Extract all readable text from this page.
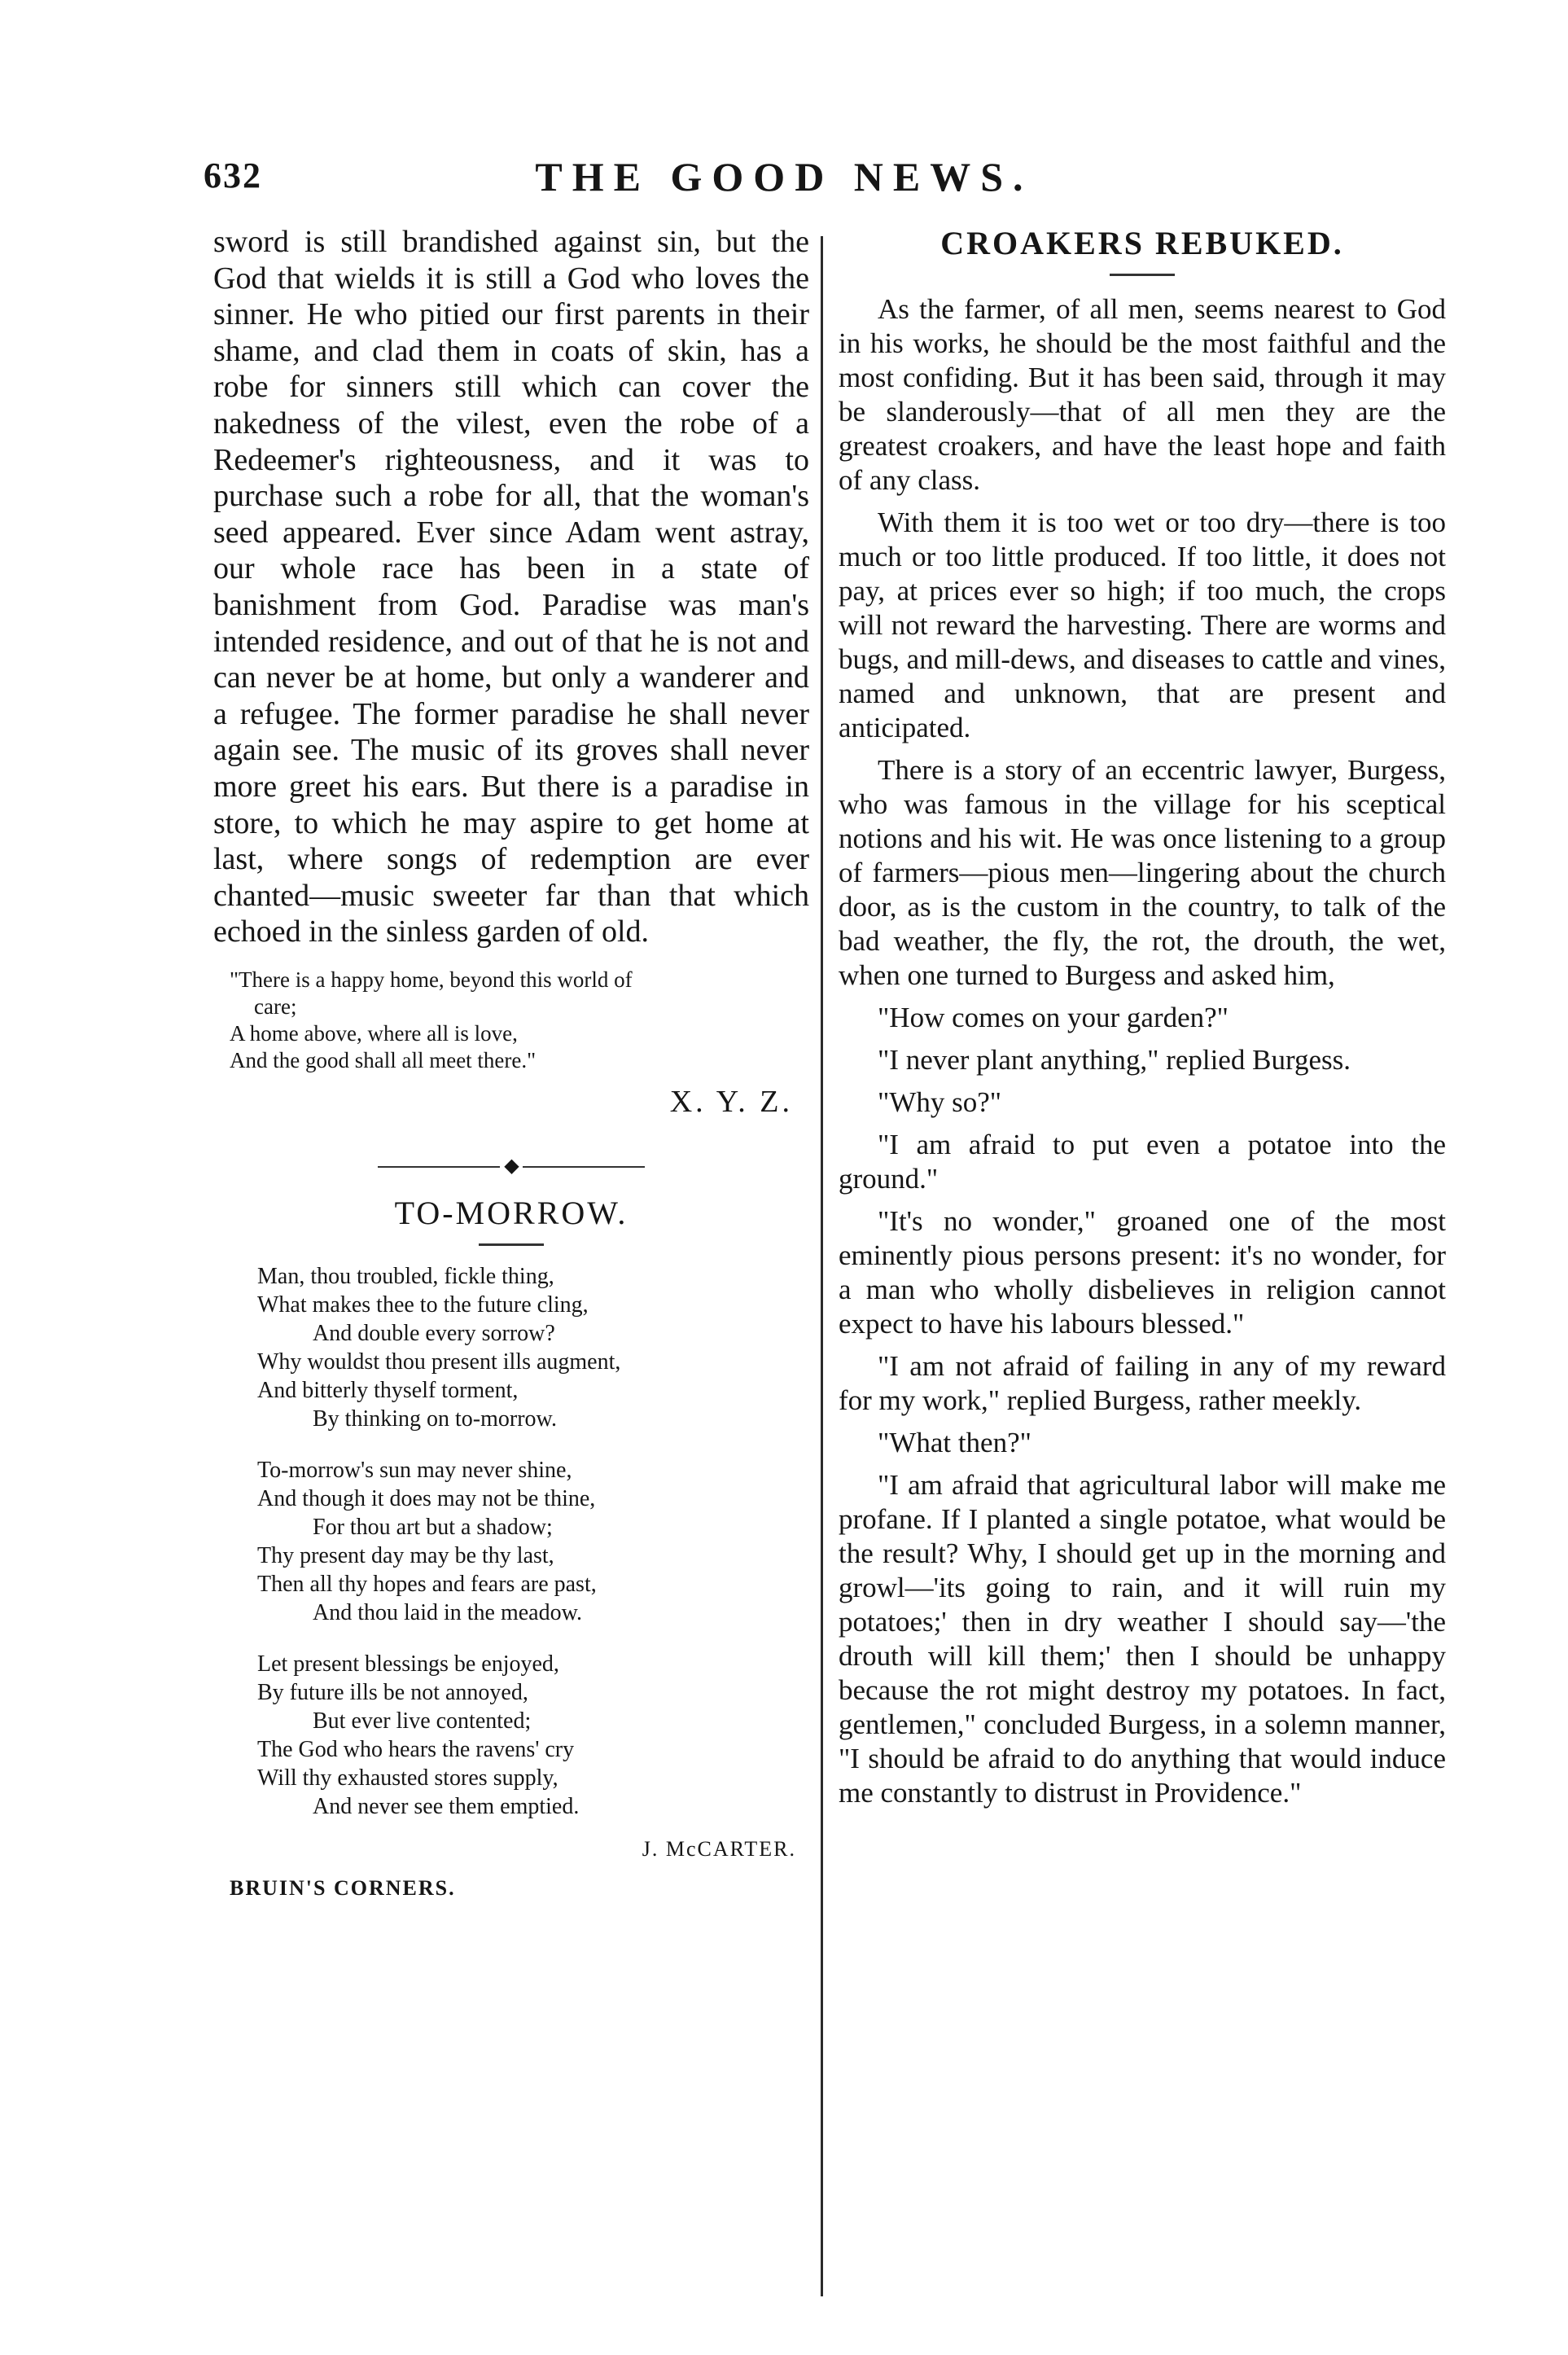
632	THE GOOD NEWS.

sword is still brandished against sin, but the God that wields it is still a God who loves the sinner. He who pitied our first parents in their shame, and clad them in coats of skin, has a robe for sinners still which can cover the nakedness of the vilest, even the robe of a Redeemer's righteousness, and it was to purchase such a robe for all, that the woman's seed appeared. Ever since Adam went astray, our whole race has been in a state of banishment from God. Paradise was man's intended residence, and out of that he is not and can never be at home, but only a wanderer and a refugee. The former paradise he shall never again see. The music of its groves shall never more greet his ears. But there is a paradise in store, to which he may aspire to get home at last, where songs of redemption are ever chanted—music sweeter far than that which echoed in the sinless garden of old.

"There is a happy home, beyond this world of
care;
A home above, where all is love,
And the good shall all meet there."
X. Y. Z.
◆
TO-MORROW.
Man, thou troubled, fickle thing,
What makes thee to the future cling,
And double every sorrow?
Why wouldst thou present ills augment,
And bitterly thyself torment,
By thinking on to-morrow.
To-morrow's sun may never shine,
And though it does may not be thine,
For thou art but a shadow;
Thy present day may be thy last,
Then all thy hopes and fears are past,
And thou laid in the meadow.
Let present blessings be enjoyed,
By future ills be not annoyed,
But ever live contented;
The God who hears the ravens' cry
Will thy exhausted stores supply,
And never see them emptied.
J. McCARTER.
BRUIN'S CORNERS.
CROAKERS REBUKED.

As the farmer, of all men, seems nearest to God in his works, he should be the most faithful and the most confiding. But it has been said, through it may be slanderously—that of all men they are the greatest croakers, and have the least hope and faith of any class.

With them it is too wet or too dry—there is too much or too little produced. If too little, it does not pay, at prices ever so high; if too much, the crops will not reward the harvesting. There are worms and bugs, and mill-dews, and diseases to cattle and vines, named and unknown, that are present and anticipated.

There is a story of an eccentric lawyer, Burgess, who was famous in the village for his sceptical notions and his wit. He was once listening to a group of farmers—pious men—lingering about the church door, as is the custom in the country, to talk of the bad weather, the fly, the rot, the drouth, the wet, when one turned to Burgess and asked him,

"How comes on your garden?"

"I never plant anything," replied Burgess.

"Why so?"

"I am afraid to put even a potatoe into the ground."

"It's no wonder," groaned one of the most eminently pious persons present: it's no wonder, for a man who wholly disbelieves in religion cannot expect to have his labours blessed."

"I am not afraid of failing in any of my reward for my work," replied Burgess, rather meekly.

"What then?"

"I am afraid that agricultural labor will make me profane. If I planted a single potatoe, what would be the result? Why, I should get up in the morning and growl—'its going to rain, and it will ruin my potatoes;' then in dry weather I should say—'the drouth will kill them;' then I should be unhappy because the rot might destroy my potatoes. In fact, gentlemen," concluded Burgess, in a solemn manner, "I should be afraid to do anything that would induce me constantly to distrust in Providence."
